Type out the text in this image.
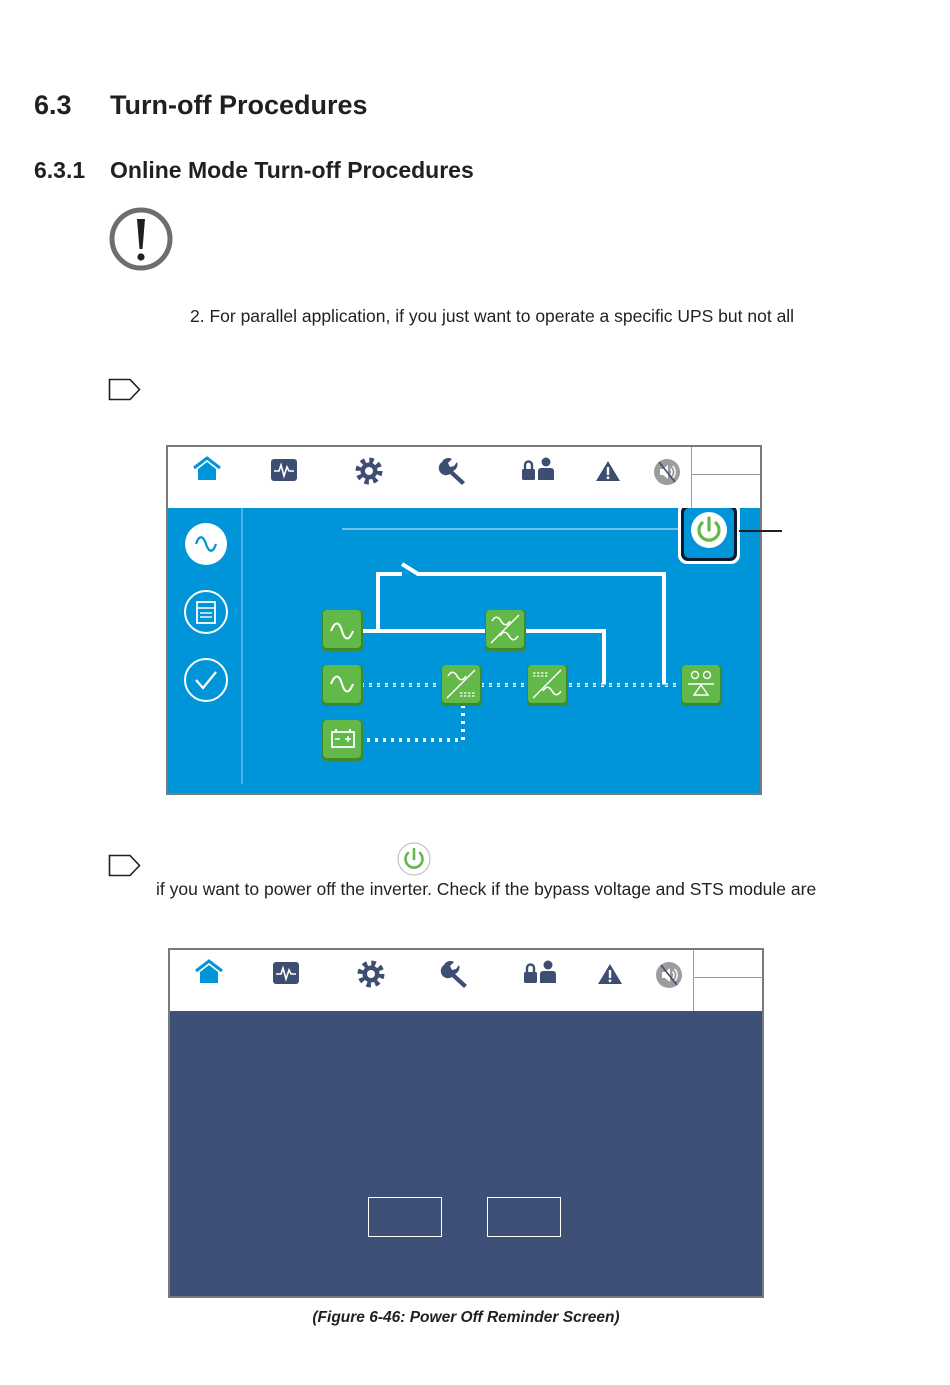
6.3 Turn-off Procedures
6.3.1 Online Mode Turn-off Procedures
2. For parallel application, if you just want to operate a specific UPS but not all
if you want to power off the inverter. Check if the bypass voltage and STS module are
(Figure 6-46: Power Off Reminder Screen)
